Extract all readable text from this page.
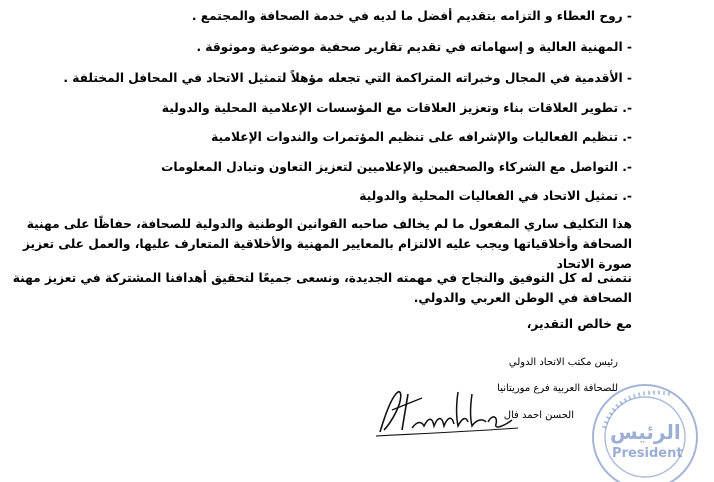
- روح العطاء و التزامه بتقديم أفضل ما لديه في خدمة الصحافة والمجتمع .
- المهنية العالية و إسهاماته في تقديم تقارير صحفية موضوعية وموثوقة .
- الأقدمية في المجال وخبراته المتراكمة التي تجعله مؤهلاً لتمثيل الاتحاد في المحافل المختلفة .
-. تطوير العلاقات بناء وتعزيز العلاقات مع المؤسسات الإعلامية المحلية والدولية
-. تنظيم الفعاليات والإشرافه على تنظيم المؤتمرات والندوات الإعلامية
-. التواصل مع الشركاء والصحفيين والإعلاميين لتعزيز التعاون وتبادل المعلومات
-. تمثيل الاتحاد في الفعاليات المحلية والدولية
هذا التكليف ساري المفعول ما لم يخالف صاحبه القوانين الوطنية والدولية للصحافة، حفاظًا على مهنية الصحافة وأخلاقياتها ويجب عليه الالتزام بالمعايير المهنية والأخلاقية المتعارف عليها، والعمل على تعزيز صورة الاتحاد
نتمنى له كل التوفيق والنجاح في مهمته الجديدة، ونسعى جميعًا لتحقيق أهدافنا المشتركة في تعزيز مهنة الصحافة في الوطن العربي والدولي.
مع خالص التقدير،
رئيس مكتب الاتحاد الدولي
للصحافة العربية فرع موريتانيا
الحسن احمد فال
الرئيس
President
